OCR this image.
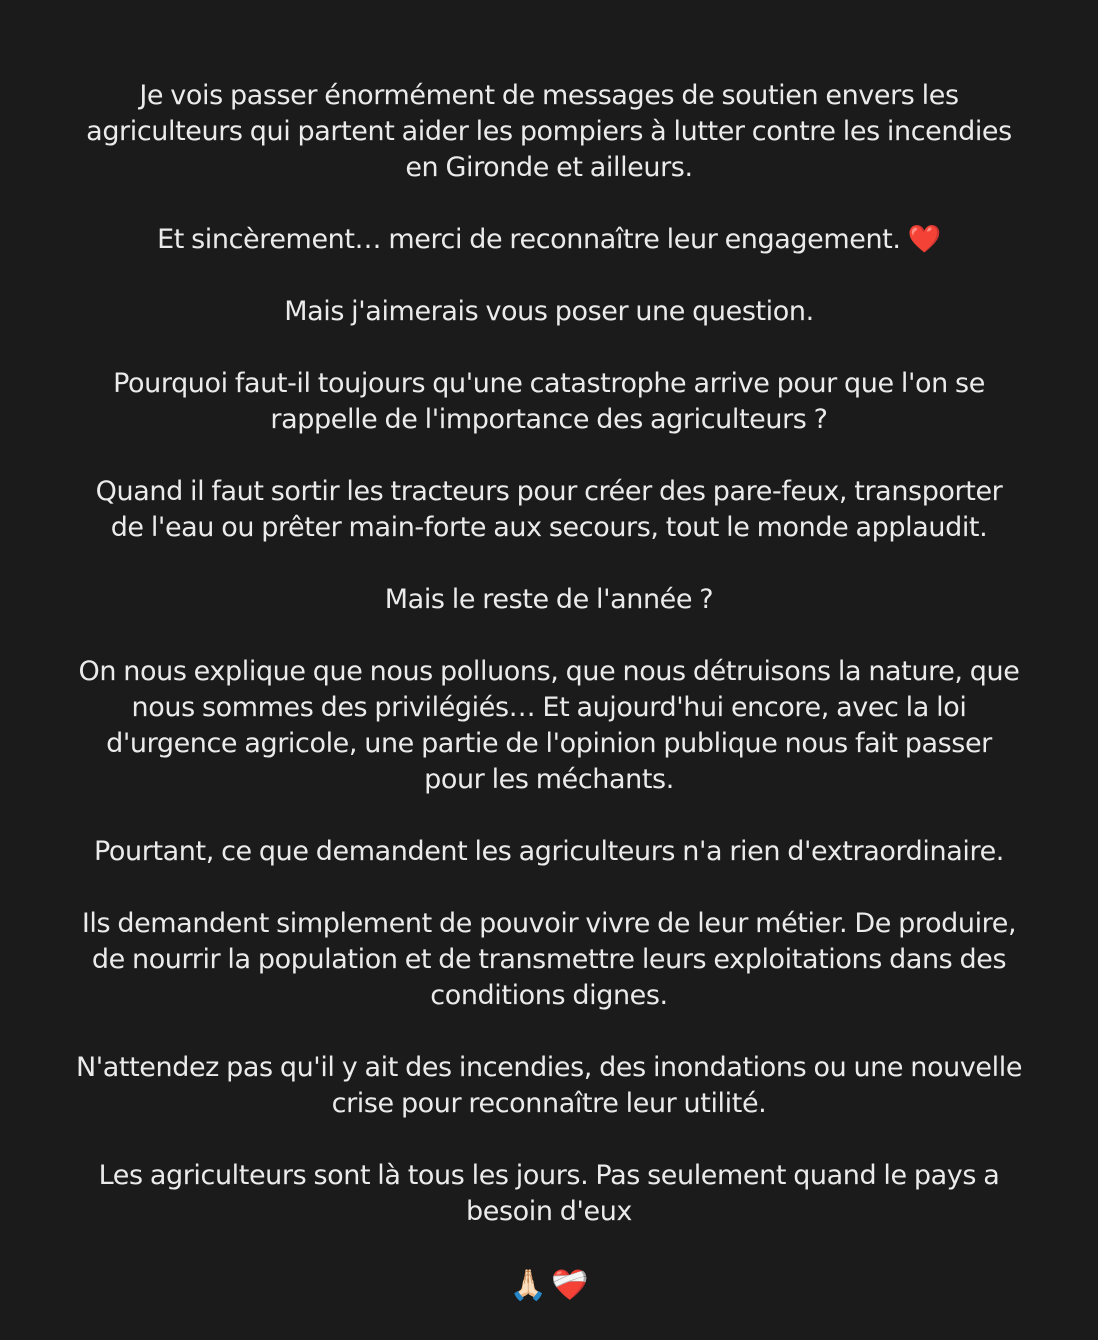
Je vois passer énormément de messages de soutien envers les
agriculteurs qui partent aider les pompiers à lutter contre les incendies
en Gironde et ailleurs.

Et sincèrement… merci de reconnaître leur engagement. ❤️

Mais j'aimerais vous poser une question.

Pourquoi faut-il toujours qu'une catastrophe arrive pour que l'on se
rappelle de l'importance des agriculteurs ?

Quand il faut sortir les tracteurs pour créer des pare-feux, transporter
de l'eau ou prêter main-forte aux secours, tout le monde applaudit.

Mais le reste de l'année ?

On nous explique que nous polluons, que nous détruisons la nature, que
nous sommes des privilégiés… Et aujourd'hui encore, avec la loi
d'urgence agricole, une partie de l'opinion publique nous fait passer
pour les méchants.

Pourtant, ce que demandent les agriculteurs n'a rien d'extraordinaire.

Ils demandent simplement de pouvoir vivre de leur métier. De produire,
de nourrir la population et de transmettre leurs exploitations dans des
conditions dignes.

N'attendez pas qu'il y ait des incendies, des inondations ou une nouvelle
crise pour reconnaître leur utilité.

Les agriculteurs sont là tous les jours. Pas seulement quand le pays a
besoin d'eux

🙏🏻 ❤️‍🩹
